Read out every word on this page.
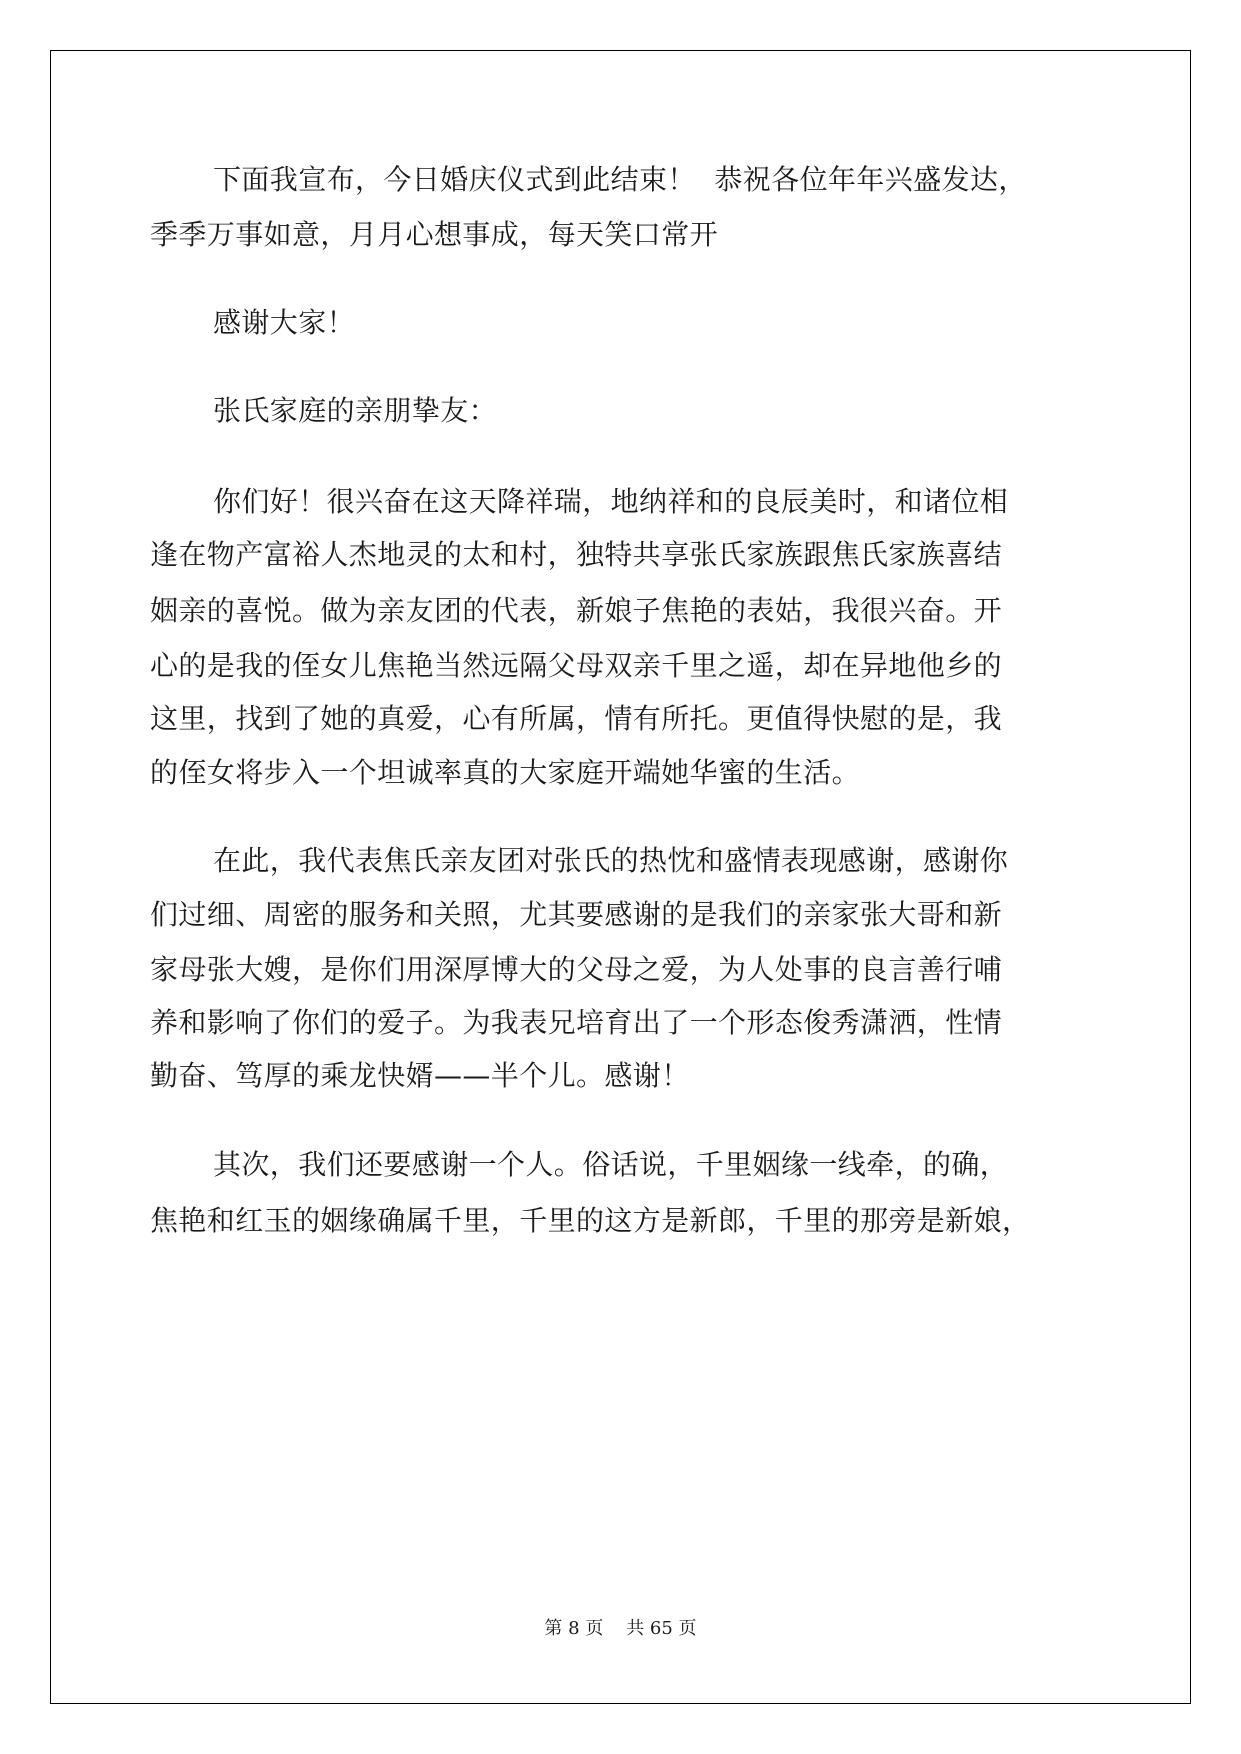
下面我宣布，今日婚庆仪式到此结束！  恭祝各位年年兴盛发达，
季季万事如意，月月心想事成，每天笑口常开
感谢大家！
张氏家庭的亲朋挚友：
你们好！很兴奋在这天降祥瑞，地纳祥和的良辰美时，和诸位相
逢在物产富裕人杰地灵的太和村，独特共享张氏家族跟焦氏家族喜结
姻亲的喜悦。做为亲友团的代表，新娘子焦艳的表姑，我很兴奋。开
心的是我的侄女儿焦艳当然远隔父母双亲千里之遥，却在异地他乡的
这里，找到了她的真爱，心有所属，情有所托。更值得快慰的是，我
的侄女将步入一个坦诚率真的大家庭开端她华蜜的生活。
在此，我代表焦氏亲友团对张氏的热忱和盛情表现感谢，感谢你
们过细、周密的服务和关照，尤其要感谢的是我们的亲家张大哥和新
家母张大嫂，是你们用深厚博大的父母之爱，为人处事的良言善行哺
养和影响了你们的爱子。为我表兄培育出了一个形态俊秀潇洒，性情
勤奋、笃厚的乘龙快婿——半个儿。感谢！
其次，我们还要感谢一个人。俗话说，千里姻缘一线牵，的确，
焦艳和红玉的姻缘确属千里，千里的这方是新郎，千里的那旁是新娘，
第 8 页    共 65 页
